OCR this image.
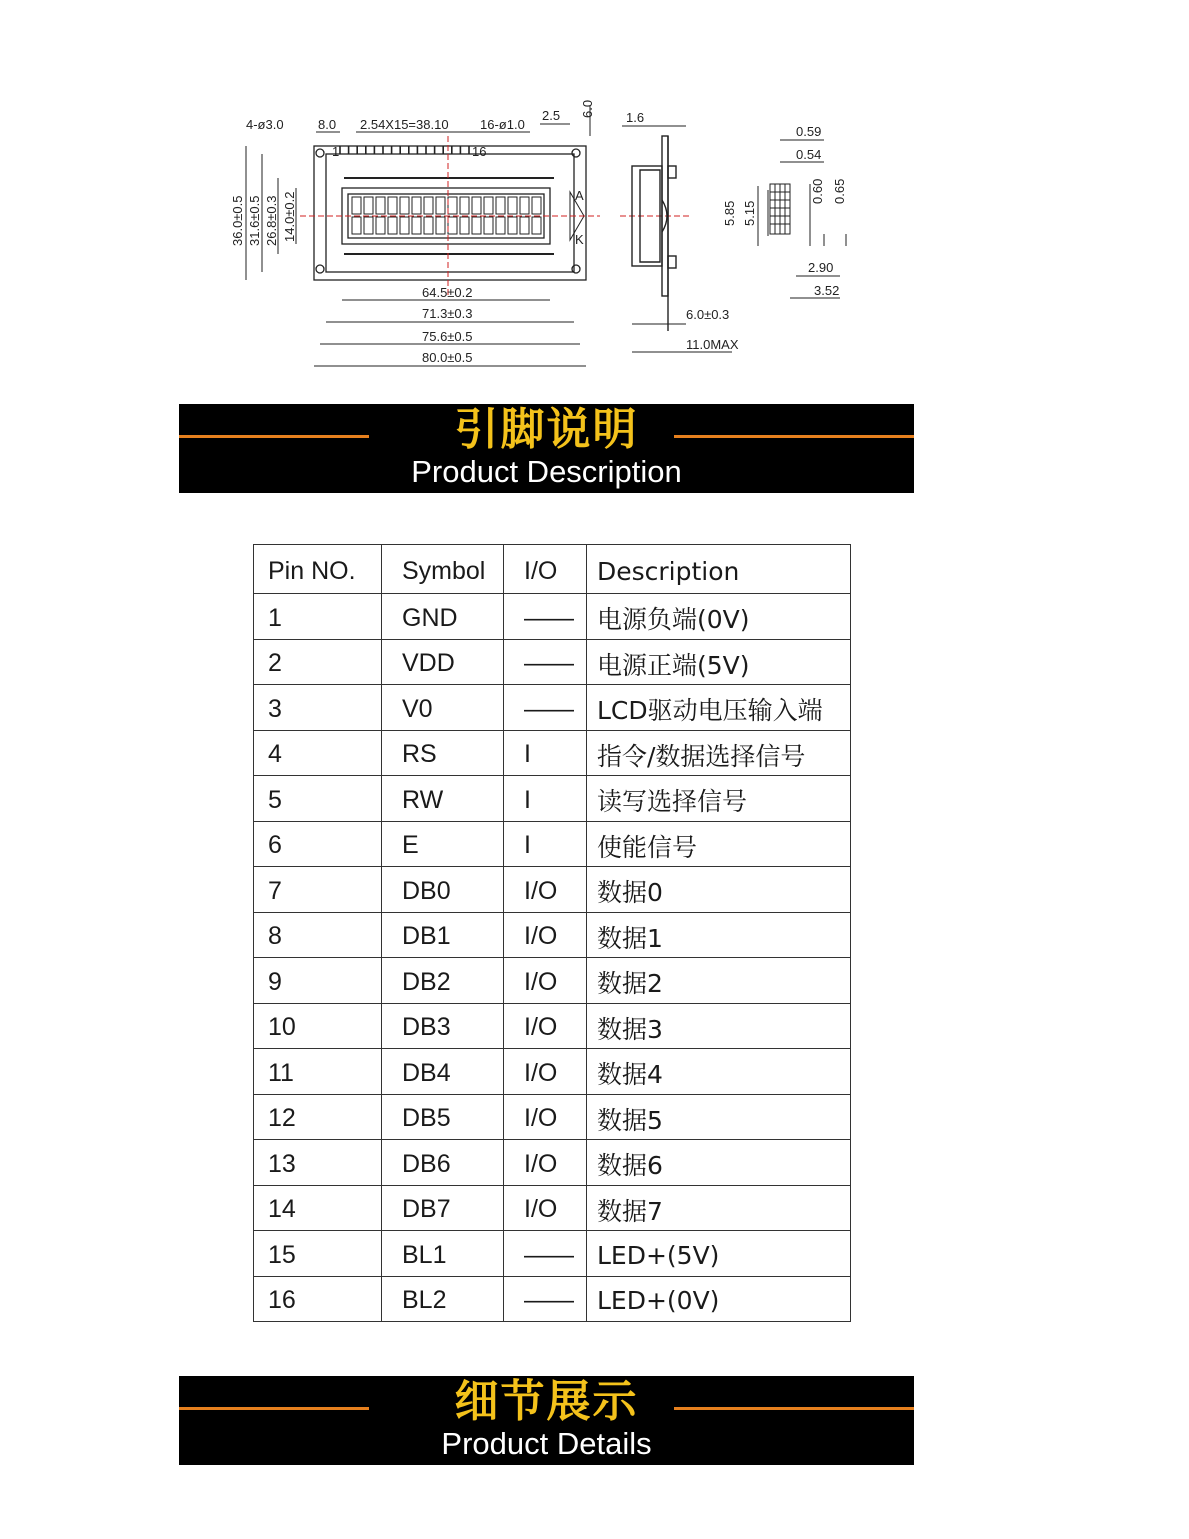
4-ø3.0	8.0 2.54X15=38.10 16-ø1.0
2.5 6.0
1	16
A
K
36.0±0.5 31.6±0.5 26.8±0.3 14.0±0.2
64.5±0.2
71.3±0.3
75.6±0.5
80.0±0.5
1.6
6.0±0.3
11.0MAX
0.59
0.54
0.60 0.65
5.85 5.15
2.90
3.52
引脚说明
Product Description
Pin NO.	Symbol	I/O	Description
1	GND	——	电源负端(0V)
2	VDD	——	电源正端(5V)
3	V0	——	LCD驱动电压输入端
4	RS	I	指令/数据选择信号
5	RW	I	读写选择信号
6	E	I	使能信号
7	DB0	I/O	数据0
8	DB1	I/O	数据1
9	DB2	I/O	数据2
10	DB3	I/O	数据3
11	DB4	I/O	数据4
12	DB5	I/O	数据5
13	DB6	I/O	数据6
14	DB7	I/O	数据7
15	BL1	——	LED+(5V)
16	BL2	——	LED+(0V)
细节展示
Product Details
